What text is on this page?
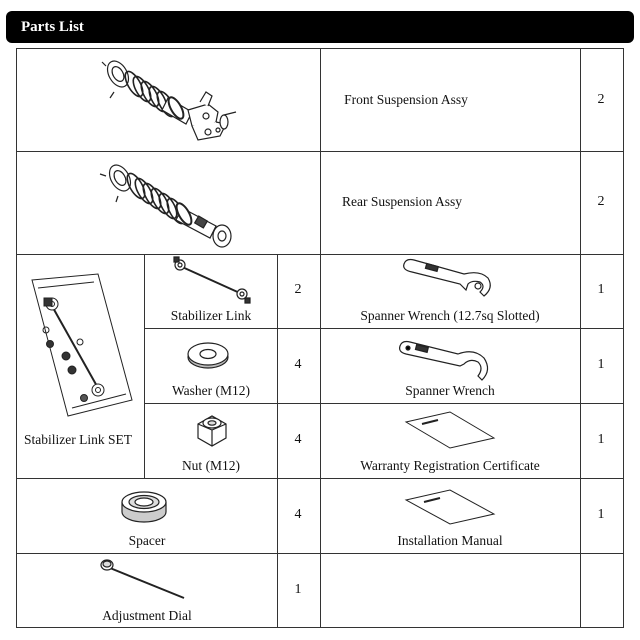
Parts List
Front Suspension Assy	2
Rear Suspension Assy	2
Stabilizer Link SET
Stabilizer Link
2
Washer (M12)
4
Nut (M12)
4
Spacer
4
Adjustment Dial
1
Spanner Wrench (12.7sq Slotted)
1
Spanner Wrench
1
Warranty Registration Certificate
1
Installation Manual
1
